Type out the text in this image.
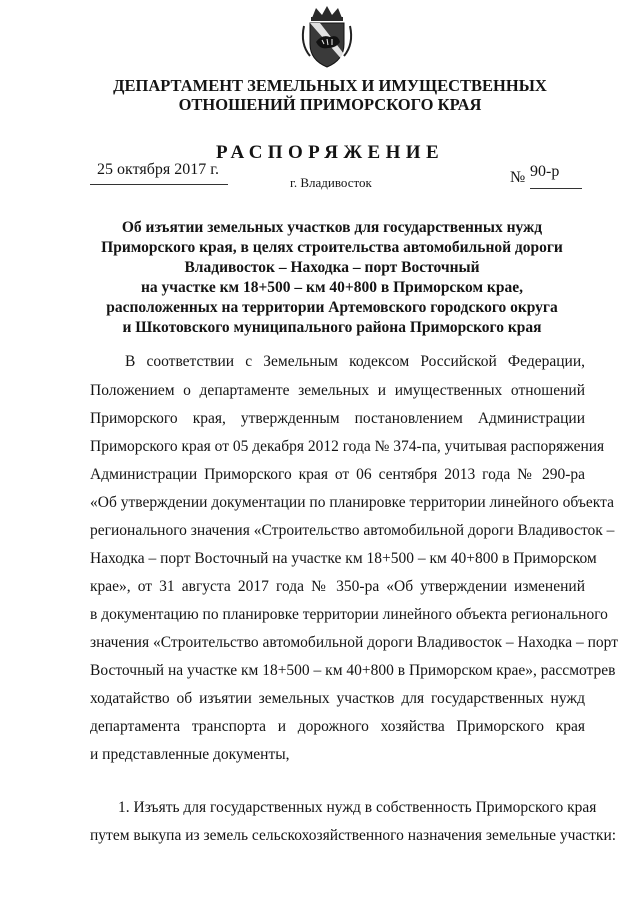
ДЕПАРТАМЕНТ ЗЕМЕЛЬНЫХ И ИМУЩЕСТВЕННЫХ
ОТНОШЕНИЙ ПРИМОРСКОГО КРАЯ
РАСПОРЯЖЕНИЕ
25 октября 2017 г.
г. Владивосток	№ 90-р
Об изъятии земельных участков для государственных нужд
Приморского края, в целях строительства автомобильной дороги
Владивосток – Находка – порт Восточный
на участке км 18+500 – км 40+800 в Приморском крае,
расположенных на территории Артемовского городского округа
и Шкотовского муниципального района Приморского края
В соответствии с Земельным кодексом Российской Федерации,
Положением о департаменте земельных и имущественных отношений
Приморского края, утвержденным постановлением Администрации
Приморского края от 05 декабря 2012 года № 374-па, учитывая распоряжения
Администрации Приморского края от 06 сентября 2013 года № 290-ра
«Об утверждении документации по планировке территории линейного объекта
регионального значения «Строительство автомобильной дороги Владивосток –
Находка – порт Восточный на участке км 18+500 – км 40+800 в Приморском
крае», от 31 августа 2017 года № 350-ра «Об утверждении изменений
в документацию по планировке территории линейного объекта регионального
значения «Строительство автомобильной дороги Владивосток – Находка – порт
Восточный на участке км 18+500 – км 40+800 в Приморском крае», рассмотрев
ходатайство об изъятии земельных участков для государственных нужд
департамента транспорта и дорожного хозяйства Приморского края
и представленные документы,
1. Изъять для государственных нужд в собственность Приморского края
путем выкупа из земель сельскохозяйственного назначения земельные участки:
